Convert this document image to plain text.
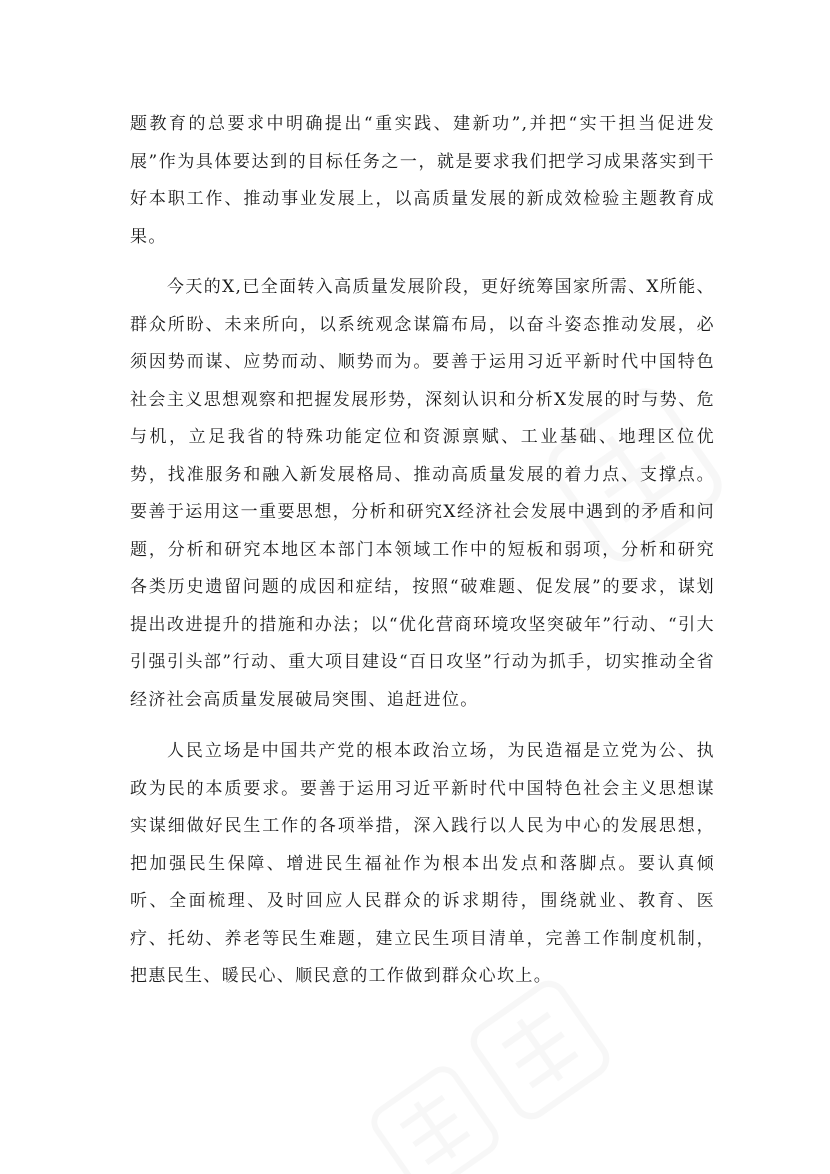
题教育的总要求中明确提出“重实践、建新功”,并把“实干担当促进发展”作为具体要达到的目标任务之一，就是要求我们把学习成果落实到干好本职工作、推动事业发展上，以高质量发展的新成效检验主题教育成果。

今天的X,已全面转入高质量发展阶段，更好统筹国家所需、X所能、群众所盼、未来所向，以系统观念谋篇布局，以奋斗姿态推动发展，必须因势而谋、应势而动、顺势而为。要善于运用习近平新时代中国特色社会主义思想观察和把握发展形势，深刻认识和分析X发展的时与势、危与机，立足我省的特殊功能定位和资源禀赋、工业基础、地理区位优势，找准服务和融入新发展格局、推动高质量发展的着力点、支撑点。要善于运用这一重要思想，分析和研究X经济社会发展中遇到的矛盾和问题，分析和研究本地区本部门本领域工作中的短板和弱项，分析和研究各类历史遗留问题的成因和症结，按照“破难题、促发展”的要求，谋划提出改进提升的措施和办法；以“优化营商环境攻坚突破年”行动、“引大引强引头部”行动、重大项目建设“百日攻坚”行动为抓手，切实推动全省经济社会高质量发展破局突围、追赶进位。

人民立场是中国共产党的根本政治立场，为民造福是立党为公、执政为民的本质要求。要善于运用习近平新时代中国特色社会主义思想谋实谋细做好民生工作的各项举措，深入践行以人民为中心的发展思想，把加强民生保障、增进民生福祉作为根本出发点和落脚点。要认真倾听、全面梳理、及时回应人民群众的诉求期待，围绕就业、教育、医疗、托幼、养老等民生难题，建立民生项目清单，完善工作制度机制，把惠民生、暖民心、顺民意的工作做到群众心坎上。
